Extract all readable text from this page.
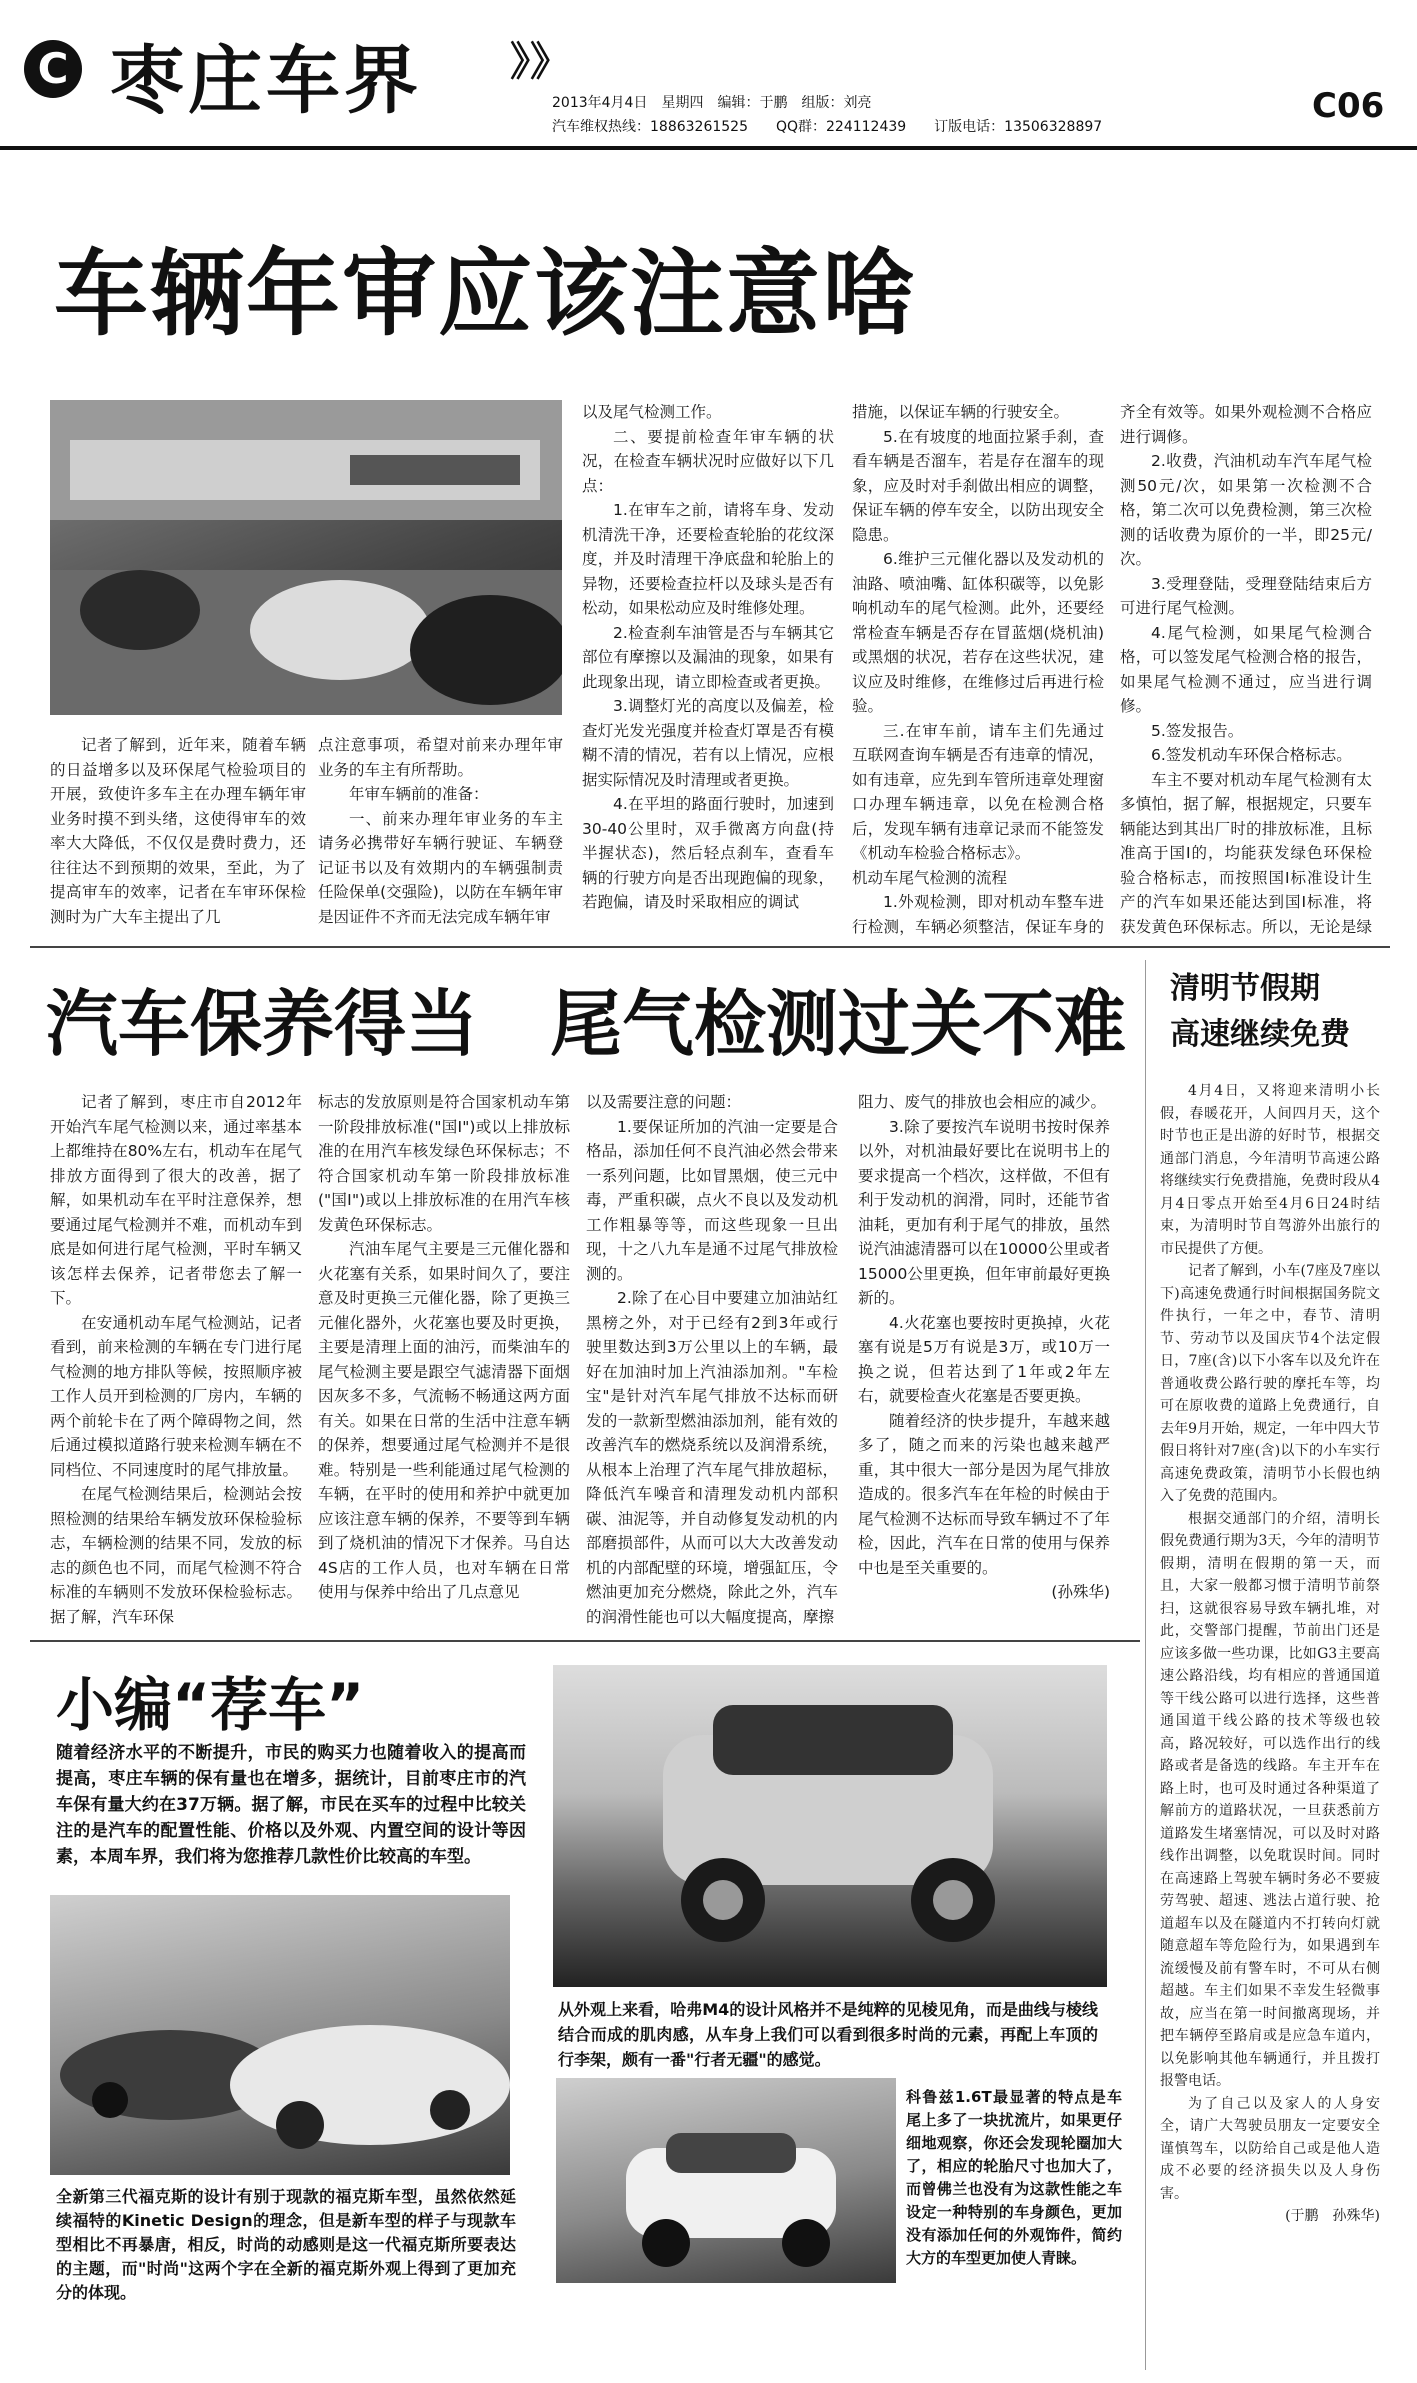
C 枣庄车界 》》
2013年4月4日　星期四　编辑：于鹏　组版：刘亮
汽车维权热线：18863261525　　QQ群：224112439　　订版电话：13506328897
C06
车辆年审应该注意啥

记者了解到，近年来，随着车辆的日益增多以及环保尾气检验项目的开展，致使许多车主在办理车辆年审业务时摸不到头绪，这使得审车的效率大大降低，不仅仅是费时费力，还往往达不到预期的效果，至此，为了提高审车的效率，记者在车审环保检测时为广大车主提出了几

点注意事项，希望对前来办理年审业务的车主有所帮助。

年审车辆前的准备：

一、前来办理年审业务的车主请务必携带好车辆行驶证、车辆登记证书以及有效期内的车辆强制责任险保单(交强险)，以防在车辆年审是因证件不齐而无法完成车辆年审

以及尾气检测工作。

二、要提前检查年审车辆的状况，在检查车辆状况时应做好以下几点：

1.在审车之前，请将车身、发动机清洗干净，还要检查轮胎的花纹深度，并及时清理干净底盘和轮胎上的异物，还要检查拉杆以及球头是否有松动，如果松动应及时维修处理。

2.检查刹车油管是否与车辆其它部位有摩擦以及漏油的现象，如果有此现象出现，请立即检查或者更换。

3.调整灯光的高度以及偏差，检查灯光发光强度并检查灯罩是否有模糊不清的情况，若有以上情况，应根据实际情况及时清理或者更换。

4.在平坦的路面行驶时，加速到30-40公里时，双手微离方向盘(持半握状态)，然后轻点刹车，查看车辆的行驶方向是否出现跑偏的现象，若跑偏，请及时采取相应的调试

措施，以保证车辆的行驶安全。

5.在有坡度的地面拉紧手刹，查看车辆是否溜车，若是存在溜车的现象，应及时对手刹做出相应的调整，保证车辆的停车安全，以防出现安全隐患。

6.维护三元催化器以及发动机的油路、喷油嘴、缸体积碳等，以免影响机动车的尾气检测。此外，还要经常检查车辆是否存在冒蓝烟(烧机油)或黑烟的状况，若存在这些状况，建议应及时维修，在维修过后再进行检验。

三.在审车前，请车主们先通过互联网查询车辆是否有违章的情况，如有违章，应先到车管所违章处理窗口办理车辆违章，以免在检测合格后，发现车辆有违章记录而不能签发《机动车检验合格标志》。

机动车尾气检测的流程

1.外观检测，即对机动车整车进行检测，车辆必须整洁，保证车身的

齐全有效等。如果外观检测不合格应进行调修。

2.收费，汽油机动车汽车尾气检测50元/次，如果第一次检测不合格，第二次可以免费检测，第三次检测的话收费为原价的一半，即25元/次。

3.受理登陆，受理登陆结束后方可进行尾气检测。

4.尾气检测，如果尾气检测合格，可以签发尾气检测合格的报告，如果尾气检测不通过，应当进行调修。

5.签发报告。

6.签发机动车环保合格标志。

车主不要对机动车尾气检测有太多慎怕，据了解，根据规定，只要车辆能达到其出厂时的排放标准，且标准高于国I的，均能获发绿色环保检验合格标志，而按照国I标准设计生产的汽车如果还能达到国I标准，将获发黄色环保标志。所以，无论是绿

汽车保养得当　尾气检测过关不难

记者了解到，枣庄市自2012年开始汽车尾气检测以来，通过率基本上都维持在80%左右，机动车在尾气排放方面得到了很大的改善，据了解，如果机动车在平时注意保养，想要通过尾气检测并不难，而机动车到底是如何进行尾气检测，平时车辆又该怎样去保养，记者带您去了解一下。

在安通机动车尾气检测站，记者看到，前来检测的车辆在专门进行尾气检测的地方排队等候，按照顺序被工作人员开到检测的厂房内，车辆的两个前轮卡在了两个障碍物之间，然后通过模拟道路行驶来检测车辆在不同档位、不同速度时的尾气排放量。

在尾气检测结果后，检测站会按照检测的结果给车辆发放环保检验标志，车辆检测的结果不同，发放的标志的颜色也不同，而尾气检测不符合标准的车辆则不发放环保检验标志。据了解，汽车环保

标志的发放原则是符合国家机动车第一阶段排放标准("国Ⅰ")或以上排放标准的在用汽车核发绿色环保标志；不符合国家机动车第一阶段排放标准("国Ⅰ")或以上排放标准的在用汽车核发黄色环保标志。

汽油车尾气主要是三元催化器和火花塞有关系，如果时间久了，要注意及时更换三元催化器，除了更换三元催化器外，火花塞也要及时更换，主要是清理上面的油污，而柴油车的尾气检测主要是跟空气滤清器下面烟因灰多不多，气流畅不畅通这两方面有关。如果在日常的生活中注意车辆的保养，想要通过尾气检测并不是很难。特别是一些利能通过尾气检测的车辆，在平时的使用和养护中就更加应该注意车辆的保养，不要等到车辆到了烧机油的情况下才保养。马自达4S店的工作人员，也对车辆在日常使用与保养中给出了几点意见

以及需要注意的问题：

1.要保证所加的汽油一定要是合格品，添加任何不良汽油必然会带来一系列问题，比如冒黑烟，使三元中毒，严重积碳，点火不良以及发动机工作粗暴等等，而这些现象一旦出现，十之八九车是通不过尾气排放检测的。

2.除了在心目中要建立加油站红黑榜之外，对于已经有2到3年或行驶里数达到3万公里以上的车辆，最好在加油时加上汽油添加剂。"车检宝"是针对汽车尾气排放不达标而研发的一款新型燃油添加剂，能有效的改善汽车的燃烧系统以及润滑系统，从根本上治理了汽车尾气排放超标，降低汽车噪音和清理发动机内部积碳、油泥等，并自动修复发动机的内部磨损部件，从而可以大大改善发动机的内部配壁的环境，增强缸压，令燃油更加充分燃烧，除此之外，汽车的润滑性能也可以大幅度提高，摩擦

阻力、废气的排放也会相应的减少。

3.除了要按汽车说明书按时保养以外，对机油最好要比在说明书上的要求提高一个档次，这样做，不但有利于发动机的润滑，同时，还能节省油耗，更加有利于尾气的排放，虽然说汽油滤清器可以在10000公里或者15000公里更换，但年审前最好更换新的。

4.火花塞也要按时更换掉，火花塞有说是5万有说是3万，或10万一换之说，但若达到了1年或2年左右，就要检查火花塞是否要更换。

随着经济的快步提升，车越来越多了，随之而来的污染也越来越严重，其中很大一部分是因为尾气排放造成的。很多汽车在年检的时候由于尾气检测不达标而导致车辆过不了年检，因此，汽车在日常的使用与保养中也是至关重要的。

(孙殊华)
清明节假期
高速继续免费

4月4日，又将迎来清明小长假，春暖花开，人间四月天，这个时节也正是出游的好时节，根据交通部门消息，今年清明节高速公路将继续实行免费措施，免费时段从4月4日零点开始至4月6日24时结束，为清明时节自驾游外出旅行的市民提供了方便。

记者了解到，小车(7座及7座以下)高速免费通行时间根据国务院文件执行，一年之中，春节、清明节、劳动节以及国庆节4个法定假日，7座(含)以下小客车以及允许在普通收费公路行驶的摩托车等，均可在原收费的道路上免费通行，自去年9月开始，规定，一年中四大节假日将针对7座(含)以下的小车实行高速免费政策，清明节小长假也纳入了免费的范围内。

根据交通部门的介绍，清明长假免费通行期为3天，今年的清明节假期，清明在假期的第一天，而且，大家一般都习惯于清明节前祭扫，这就很容易导致车辆扎堆，对此，交警部门提醒，节前出门还是应该多做一些功课，比如G3主要高速公路沿线，均有相应的普通国道等干线公路可以进行选择，这些普通国道干线公路的技术等级也较高，路况较好，可以选作出行的线路或者是备选的线路。车主开车在路上时，也可及时通过各种渠道了解前方的道路状况，一旦获悉前方道路发生堵塞情况，可以及时对路线作出调整，以免耽误时间。同时在高速路上驾驶车辆时务必不要疲劳驾驶、超速、逃法占道行驶、抢道超车以及在隧道内不打转向灯就随意超车等危险行为，如果遇到车流缓慢及前有警车时，不可从右侧超越。车主们如果不幸发生轻微事故，应当在第一时间撤离现场，并把车辆停至路肩或是应急车道内，以免影响其他车辆通行，并且拨打报警电话。

为了自己以及家人的人身安全，请广大驾驶员朋友一定要安全谨慎驾车，以防给自己或是他人造成不必要的经济损失以及人身伤害。

(于鹏　孙殊华)
小编“荐车”
随着经济水平的不断提升，市民的购买力也随着收入的提高而提高，枣庄车辆的保有量也在增多，据统计，目前枣庄市的汽车保有量大约在37万辆。据了解，市民在买车的过程中比较关注的是汽车的配置性能、价格以及外观、内置空间的设计等因素，本周车界，我们将为您推荐几款性价比较高的车型。
全新第三代福克斯的设计有别于现款的福克斯车型，虽然依然延续福特的Kinetic Design的理念，但是新车型的样子与现款车型相比不再暴唐，相反，时尚的动感则是这一代福克斯所要表达的主题，而"时尚"这两个字在全新的福克斯外观上得到了更加充分的体现。
从外观上来看，哈弗M4的设计风格并不是纯粹的见棱见角，而是曲线与棱线结合而成的肌肉感，从车身上我们可以看到很多时尚的元素，再配上车顶的行李架，颇有一番"行者无疆"的感觉。
科鲁兹1.6T最显著的特点是车尾上多了一块扰流片，如果更仔细地观察，你还会发现轮圈加大了，相应的轮胎尺寸也加大了，而曾佛兰也没有为这款性能之车设定一种特别的车身颜色，更加没有添加任何的外观饰件，简约大方的车型更加使人青睐。
